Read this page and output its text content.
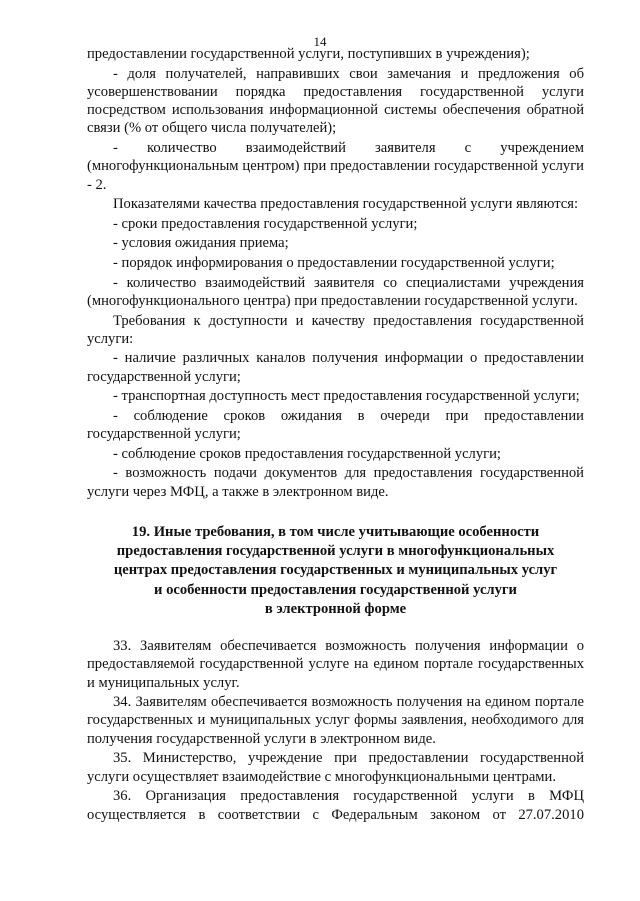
14

предоставлении государственной услуги, поступивших в учреждения);

- доля получателей, направивших свои замечания и предложения об усовершенствовании порядка предоставления государственной услуги посредством использования информационной системы обеспечения обратной связи (% от общего числа получателей);

- количество взаимодействий заявителя с учреждением (многофункциональным центром) при предоставлении государственной услуги - 2.

Показателями качества предоставления государственной услуги являются:

- сроки предоставления государственной услуги;

- условия ожидания приема;

- порядок информирования о предоставлении государственной услуги;

- количество взаимодействий заявителя со специалистами учреждения (многофункционального центра) при предоставлении государственной услуги.

Требования к доступности и качеству предоставления государственной услуги:

- наличие различных каналов получения информации о предоставлении государственной услуги;

- транспортная доступность мест предоставления государственной услуги;

- соблюдение сроков ожидания в очереди при предоставлении государственной услуги;

- соблюдение сроков предоставления государственной услуги;

- возможность подачи документов для предоставления государственной услуги через МФЦ, а также в электронном виде.

19. Иные требования, в том числе учитывающие особенности
предоставления государственной услуги в многофункциональных
центрах предоставления государственных и муниципальных услуг
и особенности предоставления государственной услуги
в электронной форме

33. Заявителям обеспечивается возможность получения информации о предоставляемой государственной услуге на едином портале государственных и муниципальных услуг.

34. Заявителям обеспечивается возможность получения на едином портале государственных и муниципальных услуг формы заявления, необходимого для получения государственной услуги в электронном виде.

35. Министерство, учреждение при предоставлении государственной услуги осуществляет взаимодействие с многофункциональными центрами.

36. Организация предоставления государственной услуги в МФЦ осуществляется в соответствии с Федеральным законом от 27.07.2010
